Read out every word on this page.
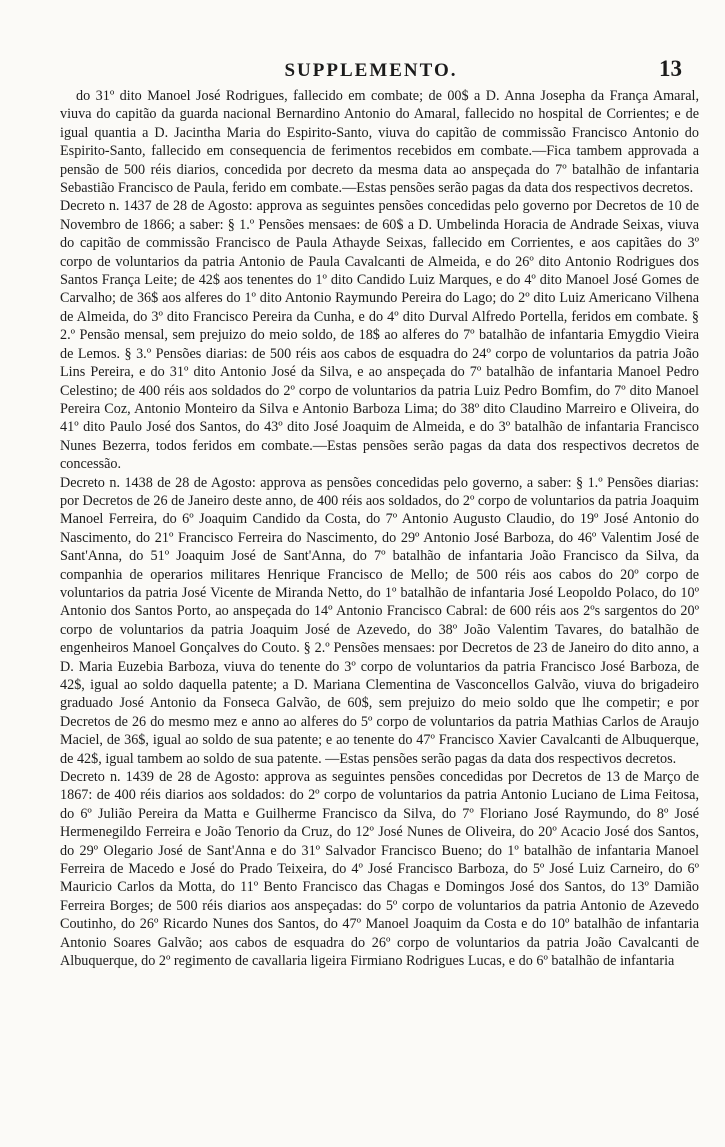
SUPPLEMENTO.	13

do 31º dito Manoel José Rodrigues, fallecido em combate; de 00$ a D. Anna Josepha da França Amaral, viuva do capitão da guarda nacional Bernardino Antonio do Amaral, fallecido no hospital de Corrientes; e de igual quantia a D. Jacintha Maria do Espirito-Santo, viuva do capitão de commissão Francisco Antonio do Espirito-Santo, fallecido em consequencia de ferimentos recebidos em combate.—Fica tambem approvada a pensão de 500 réis diarios, concedida por decreto da mesma data ao anspeçada do 7º batalhão de infantaria Sebastião Francisco de Paula, ferido em combate.—Estas pensões serão pagas da data dos respectivos decretos.

Decreto n. 1437 de 28 de Agosto: approva as seguintes pensões concedidas pelo governo por Decretos de 10 de Novembro de 1866; a saber: § 1.º Pensões mensaes: de 60$ a D. Umbelinda Horacia de Andrade Seixas, viuva do capitão de commissão Francisco de Paula Athayde Seixas, fallecido em Corrientes, e aos capitães do 3º corpo de voluntarios da patria Antonio de Paula Cavalcanti de Almeida, e do 26º dito Antonio Rodrigues dos Santos França Leite; de 42$ aos tenentes do 1º dito Candido Luiz Marques, e do 4º dito Manoel José Gomes de Carvalho; de 36$ aos alferes do 1º dito Antonio Raymundo Pereira do Lago; do 2º dito Luiz Americano Vilhena de Almeida, do 3º dito Francisco Pereira da Cunha, e do 4º dito Durval Alfredo Portella, feridos em combate. § 2.º Pensão mensal, sem prejuizo do meio soldo, de 18$ ao alferes do 7º batalhão de infantaria Emygdio Vieira de Lemos. § 3.º Pensões diarias: de 500 réis aos cabos de esquadra do 24º corpo de voluntarios da patria João Lins Pereira, e do 31º dito Antonio José da Silva, e ao anspeçada do 7º batalhão de infantaria Manoel Pedro Celestino; de 400 réis aos soldados do 2º corpo de voluntarios da patria Luiz Pedro Bomfim, do 7º dito Manoel Pereira Coz, Antonio Monteiro da Silva e Antonio Barboza Lima; do 38º dito Claudino Marreiro e Oliveira, do 41º dito Paulo José dos Santos, do 43º dito José Joaquim de Almeida, e do 3º batalhão de infantaria Francisco Nunes Bezerra, todos feridos em combate.—Estas pensões serão pagas da data dos respectivos decretos de concessão.

Decreto n. 1438 de 28 de Agosto: approva as pensões concedidas pelo governo, a saber: § 1.º Pensões diarias: por Decretos de 26 de Janeiro deste anno, de 400 réis aos soldados, do 2º corpo de voluntarios da patria Joaquim Manoel Ferreira, do 6º Joaquim Candido da Costa, do 7º Antonio Augusto Claudio, do 19º José Antonio do Nascimento, do 21º Francisco Ferreira do Nascimento, do 29º Antonio José Barboza, do 46º Valentim José de Sant'Anna, do 51º Joaquim José de Sant'Anna, do 7º batalhão de infantaria João Francisco da Silva, da companhia de operarios militares Henrique Francisco de Mello; de 500 réis aos cabos do 20º corpo de voluntarios da patria José Vicente de Miranda Netto, do 1º batalhão de infantaria José Leopoldo Polaco, do 10º Antonio dos Santos Porto, ao anspeçada do 14º Antonio Francisco Cabral: de 600 réis aos 2ºs sargentos do 20º corpo de voluntarios da patria Joaquim José de Azevedo, do 38º João Valentim Tavares, do batalhão de engenheiros Manoel Gonçalves do Couto. § 2.º Pensões mensaes: por Decretos de 23 de Janeiro do dito anno, a D. Maria Euzebia Barboza, viuva do tenente do 3º corpo de voluntarios da patria Francisco José Barboza, de 42$, igual ao soldo daquella patente; a D. Mariana Clementina de Vasconcellos Galvão, viuva do brigadeiro graduado José Antonio da Fonseca Galvão, de 60$, sem prejuizo do meio soldo que lhe competir; e por Decretos de 26 do mesmo mez e anno ao alferes do 5º corpo de voluntarios da patria Mathias Carlos de Araujo Maciel, de 36$, igual ao soldo de sua patente; e ao tenente do 47º Francisco Xavier Cavalcanti de Albuquerque, de 42$, igual tambem ao soldo de sua patente. —Estas pensões serão pagas da data dos respectivos decretos.

Decreto n. 1439 de 28 de Agosto: approva as seguintes pensões concedidas por Decretos de 13 de Março de 1867: de 400 réis diarios aos soldados: do 2º corpo de voluntarios da patria Antonio Luciano de Lima Feitosa, do 6º Julião Pereira da Matta e Guilherme Francisco da Silva, do 7º Floriano José Raymundo, do 8º José Hermenegildo Ferreira e João Tenorio da Cruz, do 12º José Nunes de Oliveira, do 20º Acacio José dos Santos, do 29º Olegario José de Sant'Anna e do 31º Salvador Francisco Bueno; do 1º batalhão de infantaria Manoel Ferreira de Macedo e José do Prado Teixeira, do 4º José Francisco Barboza, do 5º José Luiz Carneiro, do 6º Mauricio Carlos da Motta, do 11º Bento Francisco das Chagas e Domingos José dos Santos, do 13º Damião Ferreira Borges; de 500 réis diarios aos anspeçadas: do 5º corpo de voluntarios da patria Antonio de Azevedo Coutinho, do 26º Ricardo Nunes dos Santos, do 47º Manoel Joaquim da Costa e do 10º batalhão de infantaria Antonio Soares Galvão; aos cabos de esquadra do 26º corpo de voluntarios da patria João Cavalcanti de Albuquerque, do 2º regimento de cavallaria ligeira Firmiano Rodrigues Lucas, e do 6º batalhão de infantaria
